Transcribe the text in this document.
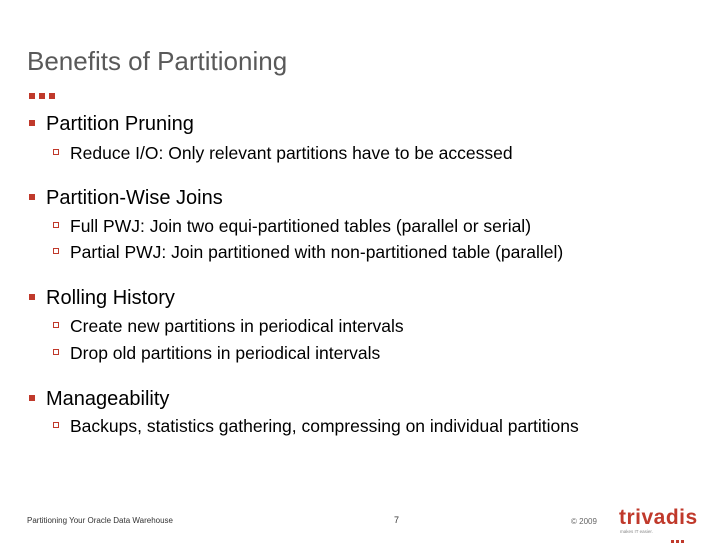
Benefits of Partitioning
Partition Pruning
Reduce I/O: Only relevant partitions have to be accessed
Partition-Wise Joins
Full PWJ: Join two equi-partitioned tables (parallel or serial)
Partial PWJ: Join partitioned with non-partitioned table (parallel)
Rolling History
Create new partitions in periodical intervals
Drop old partitions in periodical intervals
Manageability
Backups, statistics gathering, compressing on individual partitions
Partitioning Your Oracle Data Warehouse	7	© 2009 trivadis
makes IT easier.
